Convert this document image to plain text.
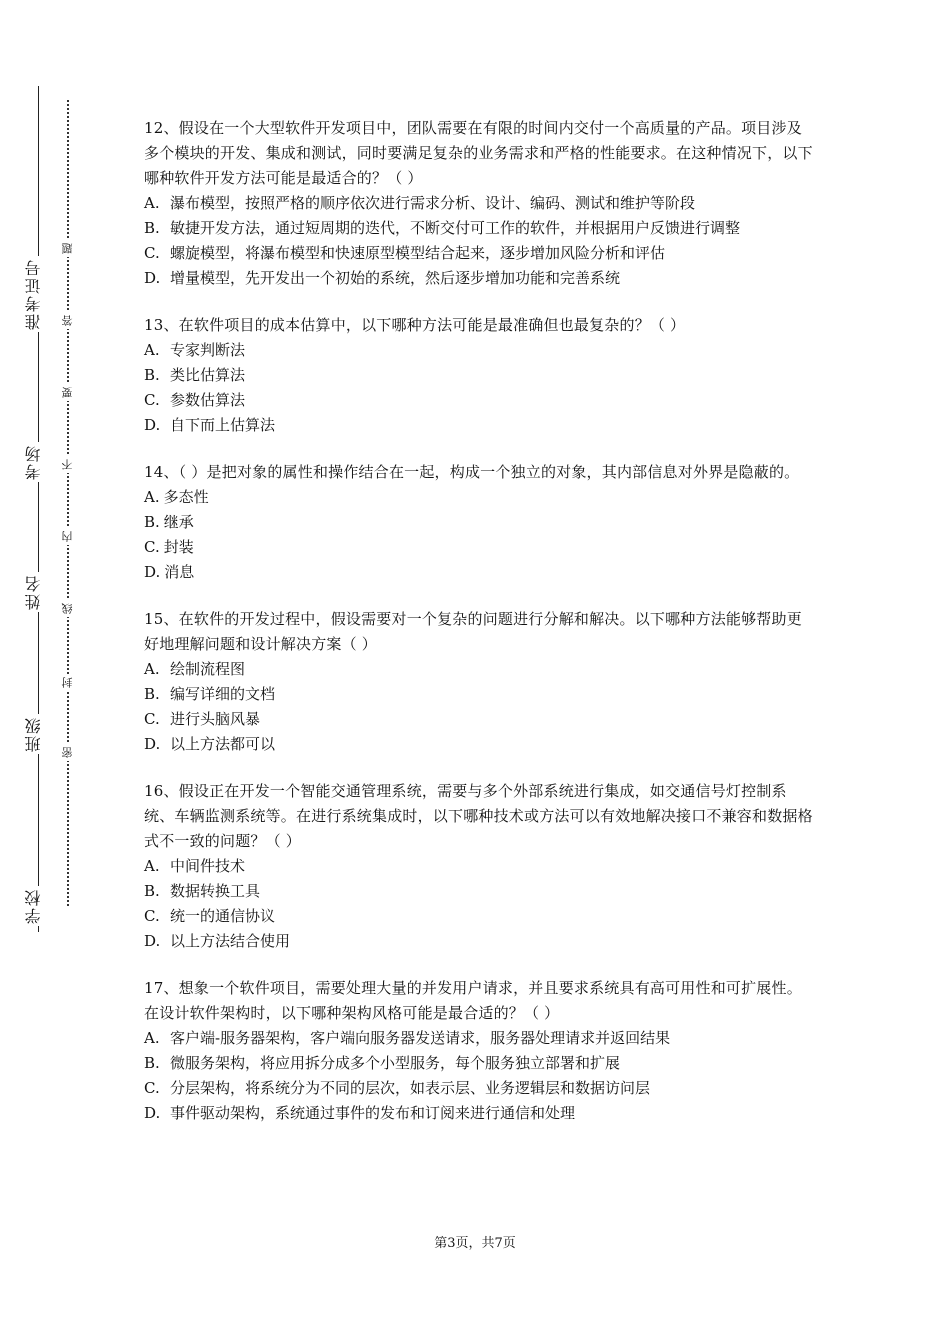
学校
班级
姓名
考场
准考证号
密
封
线
内
不
要
答
题
12、假设在一个大型软件开发项目中，团队需要在有限的时间内交付一个高质量的产品。项目涉及多个模块的开发、集成和测试，同时要满足复杂的业务需求和严格的性能要求。在这种情况下，以下哪种软件开发方法可能是最适合的？（ ）
A. 瀑布模型，按照严格的顺序依次进行需求分析、设计、编码、测试和维护等阶段
B. 敏捷开发方法，通过短周期的迭代，不断交付可工作的软件，并根据用户反馈进行调整
C. 螺旋模型，将瀑布模型和快速原型模型结合起来，逐步增加风险分析和评估
D. 增量模型，先开发出一个初始的系统，然后逐步增加功能和完善系统
13、在软件项目的成本估算中，以下哪种方法可能是最准确但也最复杂的？（ ）
A. 专家判断法
B. 类比估算法
C. 参数估算法
D. 自下而上估算法
14、（ ）是把对象的属性和操作结合在一起，构成一个独立的对象，其内部信息对外界是隐蔽的。
A. 多态性
B. 继承
C. 封装
D. 消息
15、在软件的开发过程中，假设需要对一个复杂的问题进行分解和解决。以下哪种方法能够帮助更好地理解问题和设计解决方案（ ）
A. 绘制流程图
B. 编写详细的文档
C. 进行头脑风暴
D. 以上方法都可以
16、假设正在开发一个智能交通管理系统，需要与多个外部系统进行集成，如交通信号灯控制系统、车辆监测系统等。在进行系统集成时，以下哪种技术或方法可以有效地解决接口不兼容和数据格式不一致的问题？（ ）
A. 中间件技术
B. 数据转换工具
C. 统一的通信协议
D. 以上方法结合使用
17、想象一个软件项目，需要处理大量的并发用户请求，并且要求系统具有高可用性和可扩展性。在设计软件架构时，以下哪种架构风格可能是最合适的？（ ）
A. 客户端-服务器架构，客户端向服务器发送请求，服务器处理请求并返回结果
B. 微服务架构，将应用拆分成多个小型服务，每个服务独立部署和扩展
C. 分层架构，将系统分为不同的层次，如表示层、业务逻辑层和数据访问层
D. 事件驱动架构，系统通过事件的发布和订阅来进行通信和处理
第3页，共7页
